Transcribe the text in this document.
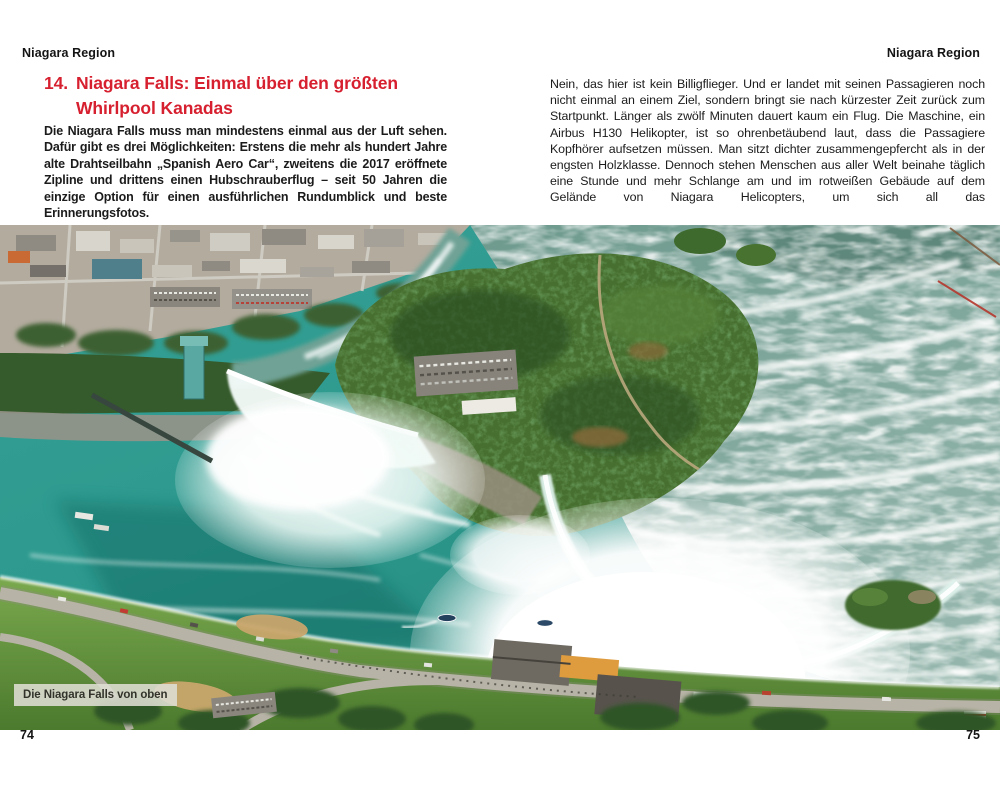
Niagara Region	Niagara Region
14. Niagara Falls: Einmal über den größten
Whirlpool Kanadas
Die Niagara Falls muss man mindestens einmal aus der Luft sehen. Dafür gibt es drei Möglichkeiten: Erstens die mehr als hundert Jahre alte Drahtseilbahn „Spanish Aero Car“, zweitens die 2017 eröffnete Zipline und drittens einen Hubschrauberflug – seit 50 Jahren die einzige Option für einen ausführlichen Rundumblick und beste Erinnerungsfotos.
Nein, das hier ist kein Billigflieger. Und er landet mit seinen Passagieren noch nicht einmal an einem Ziel, sondern bringt sie nach kürzester Zeit zurück zum Startpunkt. Länger als zwölf Minuten dauert kaum ein Flug. Die Maschine, ein Airbus H130 Helikopter, ist so ohrenbetäubend laut, dass die Passagiere Kopfhörer aufsetzen müssen. Man sitzt dichter zusammengepfercht als in der engsten Holzklasse. Dennoch stehen Menschen aus aller Welt beinahe täglich eine Stunde und mehr Schlange am und im rotweißen Gebäude auf dem Gelände von Niagara Helicopters, um sich all das
Die Niagara Falls von oben
74	75
